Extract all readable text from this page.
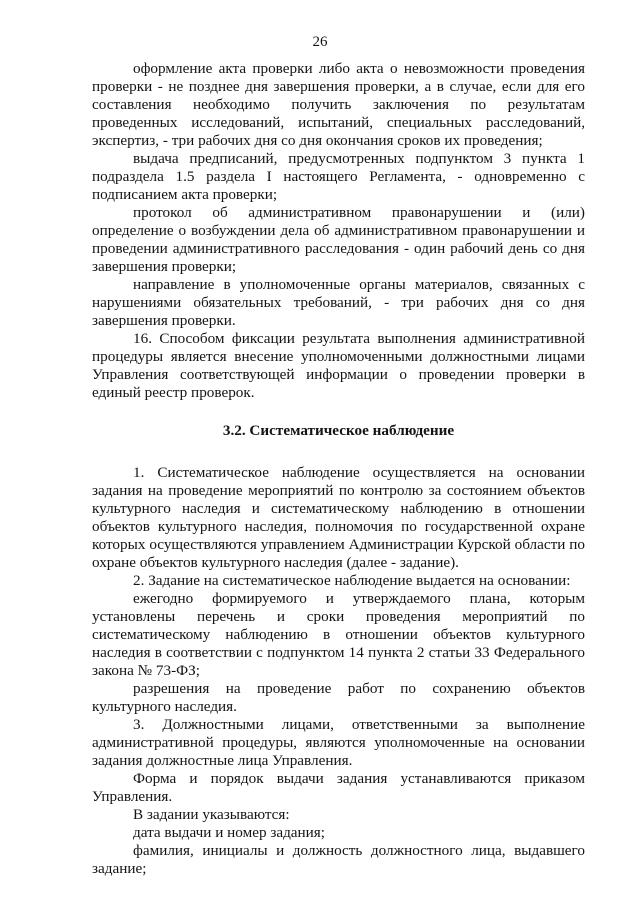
26

оформление акта проверки либо акта о невозможности проведения проверки - не позднее дня завершения проверки, а в случае, если для его составления необходимо получить заключения по результатам проведенных исследований, испытаний, специальных расследований, экспертиз, - три рабочих дня со дня окончания сроков их проведения;

выдача предписаний, предусмотренных подпунктом 3 пункта 1 подраздела 1.5 раздела I настоящего Регламента, - одновременно с подписанием акта проверки;

протокол об административном правонарушении и (или) определение о возбуждении дела об административном правонарушении и проведении административного расследования - один рабочий день со дня завершения проверки;

направление в уполномоченные органы материалов, связанных с нарушениями обязательных требований, - три рабочих дня со дня завершения проверки.

16. Способом фиксации результата выполнения административной процедуры является внесение уполномоченными должностными лицами Управления соответствующей информации о проведении проверки в единый реестр проверок.

3.2. Систематическое наблюдение

1. Систематическое наблюдение осуществляется на основании задания на проведение мероприятий по контролю за состоянием объектов культурного наследия и систематическому наблюдению в отношении объектов культурного наследия, полномочия по государственной охране которых осуществляются управлением Администрации Курской области по охране объектов культурного наследия (далее - задание).

2. Задание на систематическое наблюдение выдается на основании:

ежегодно формируемого и утверждаемого плана, которым установлены перечень и сроки проведения мероприятий по систематическому наблюдению в отношении объектов культурного наследия в соответствии с подпунктом 14 пункта 2 статьи 33 Федерального закона № 73-ФЗ;

разрешения на проведение работ по сохранению объектов культурного наследия.

3. Должностными лицами, ответственными за выполнение административной процедуры, являются уполномоченные на основании задания должностные лица Управления.

Форма и порядок выдачи задания устанавливаются приказом Управления.

В задании указываются:

дата выдачи и номер задания;

фамилия, инициалы и должность должностного лица, выдавшего задание;
